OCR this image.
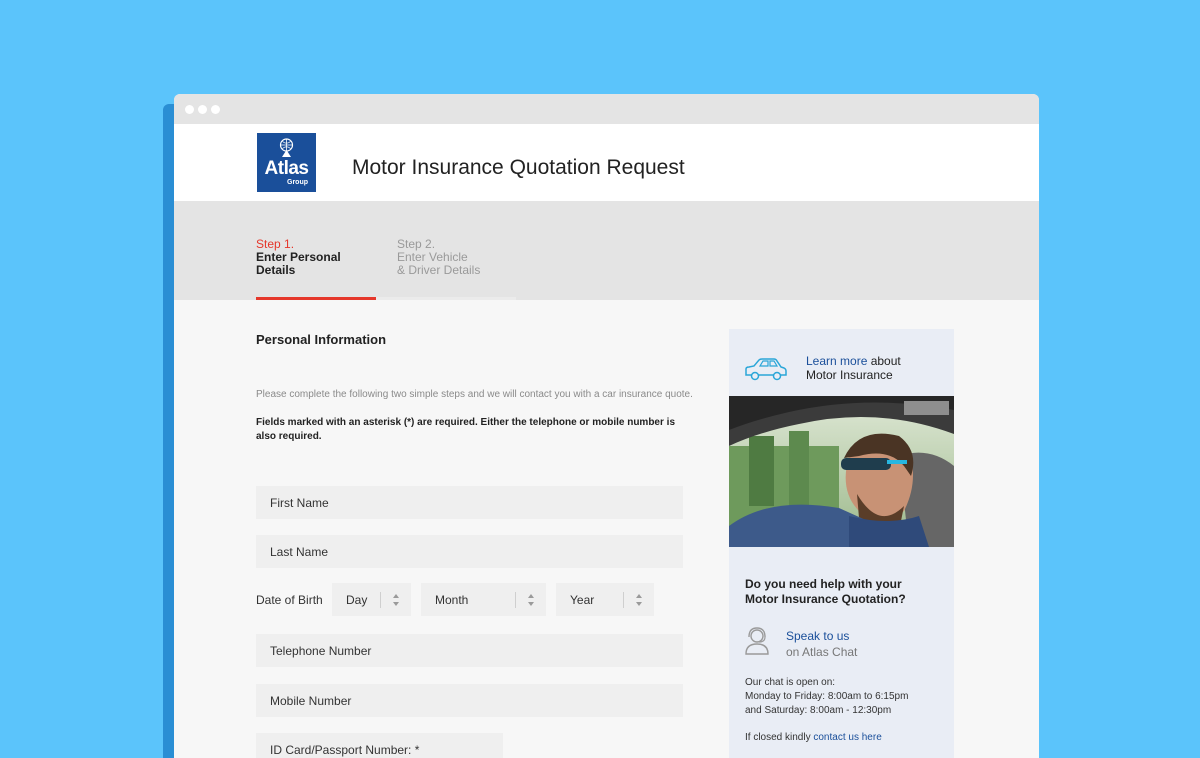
Atlas
Group
Motor Insurance Quotation Request
Step 1.
Enter Personal
Details
Step 2.
Enter Vehicle
& Driver Details
Personal Information
Please complete the following two simple steps and we will contact you with a car insurance quote.
Fields marked with an asterisk (*) are required. Either the telephone or mobile number is also required.
First Name
Last Name
Date of Birth Day	Month	Year
Telephone Number
Mobile Number
ID Card/Passport Number: *
Learn more about
Motor Insurance
Do you need help with your
Motor Insurance Quotation?
Speak to us
on Atlas Chat
Our chat is open on:
Monday to Friday: 8:00am to 6:15pm
and Saturday: 8:00am - 12:30pm
If closed kindly contact us here
